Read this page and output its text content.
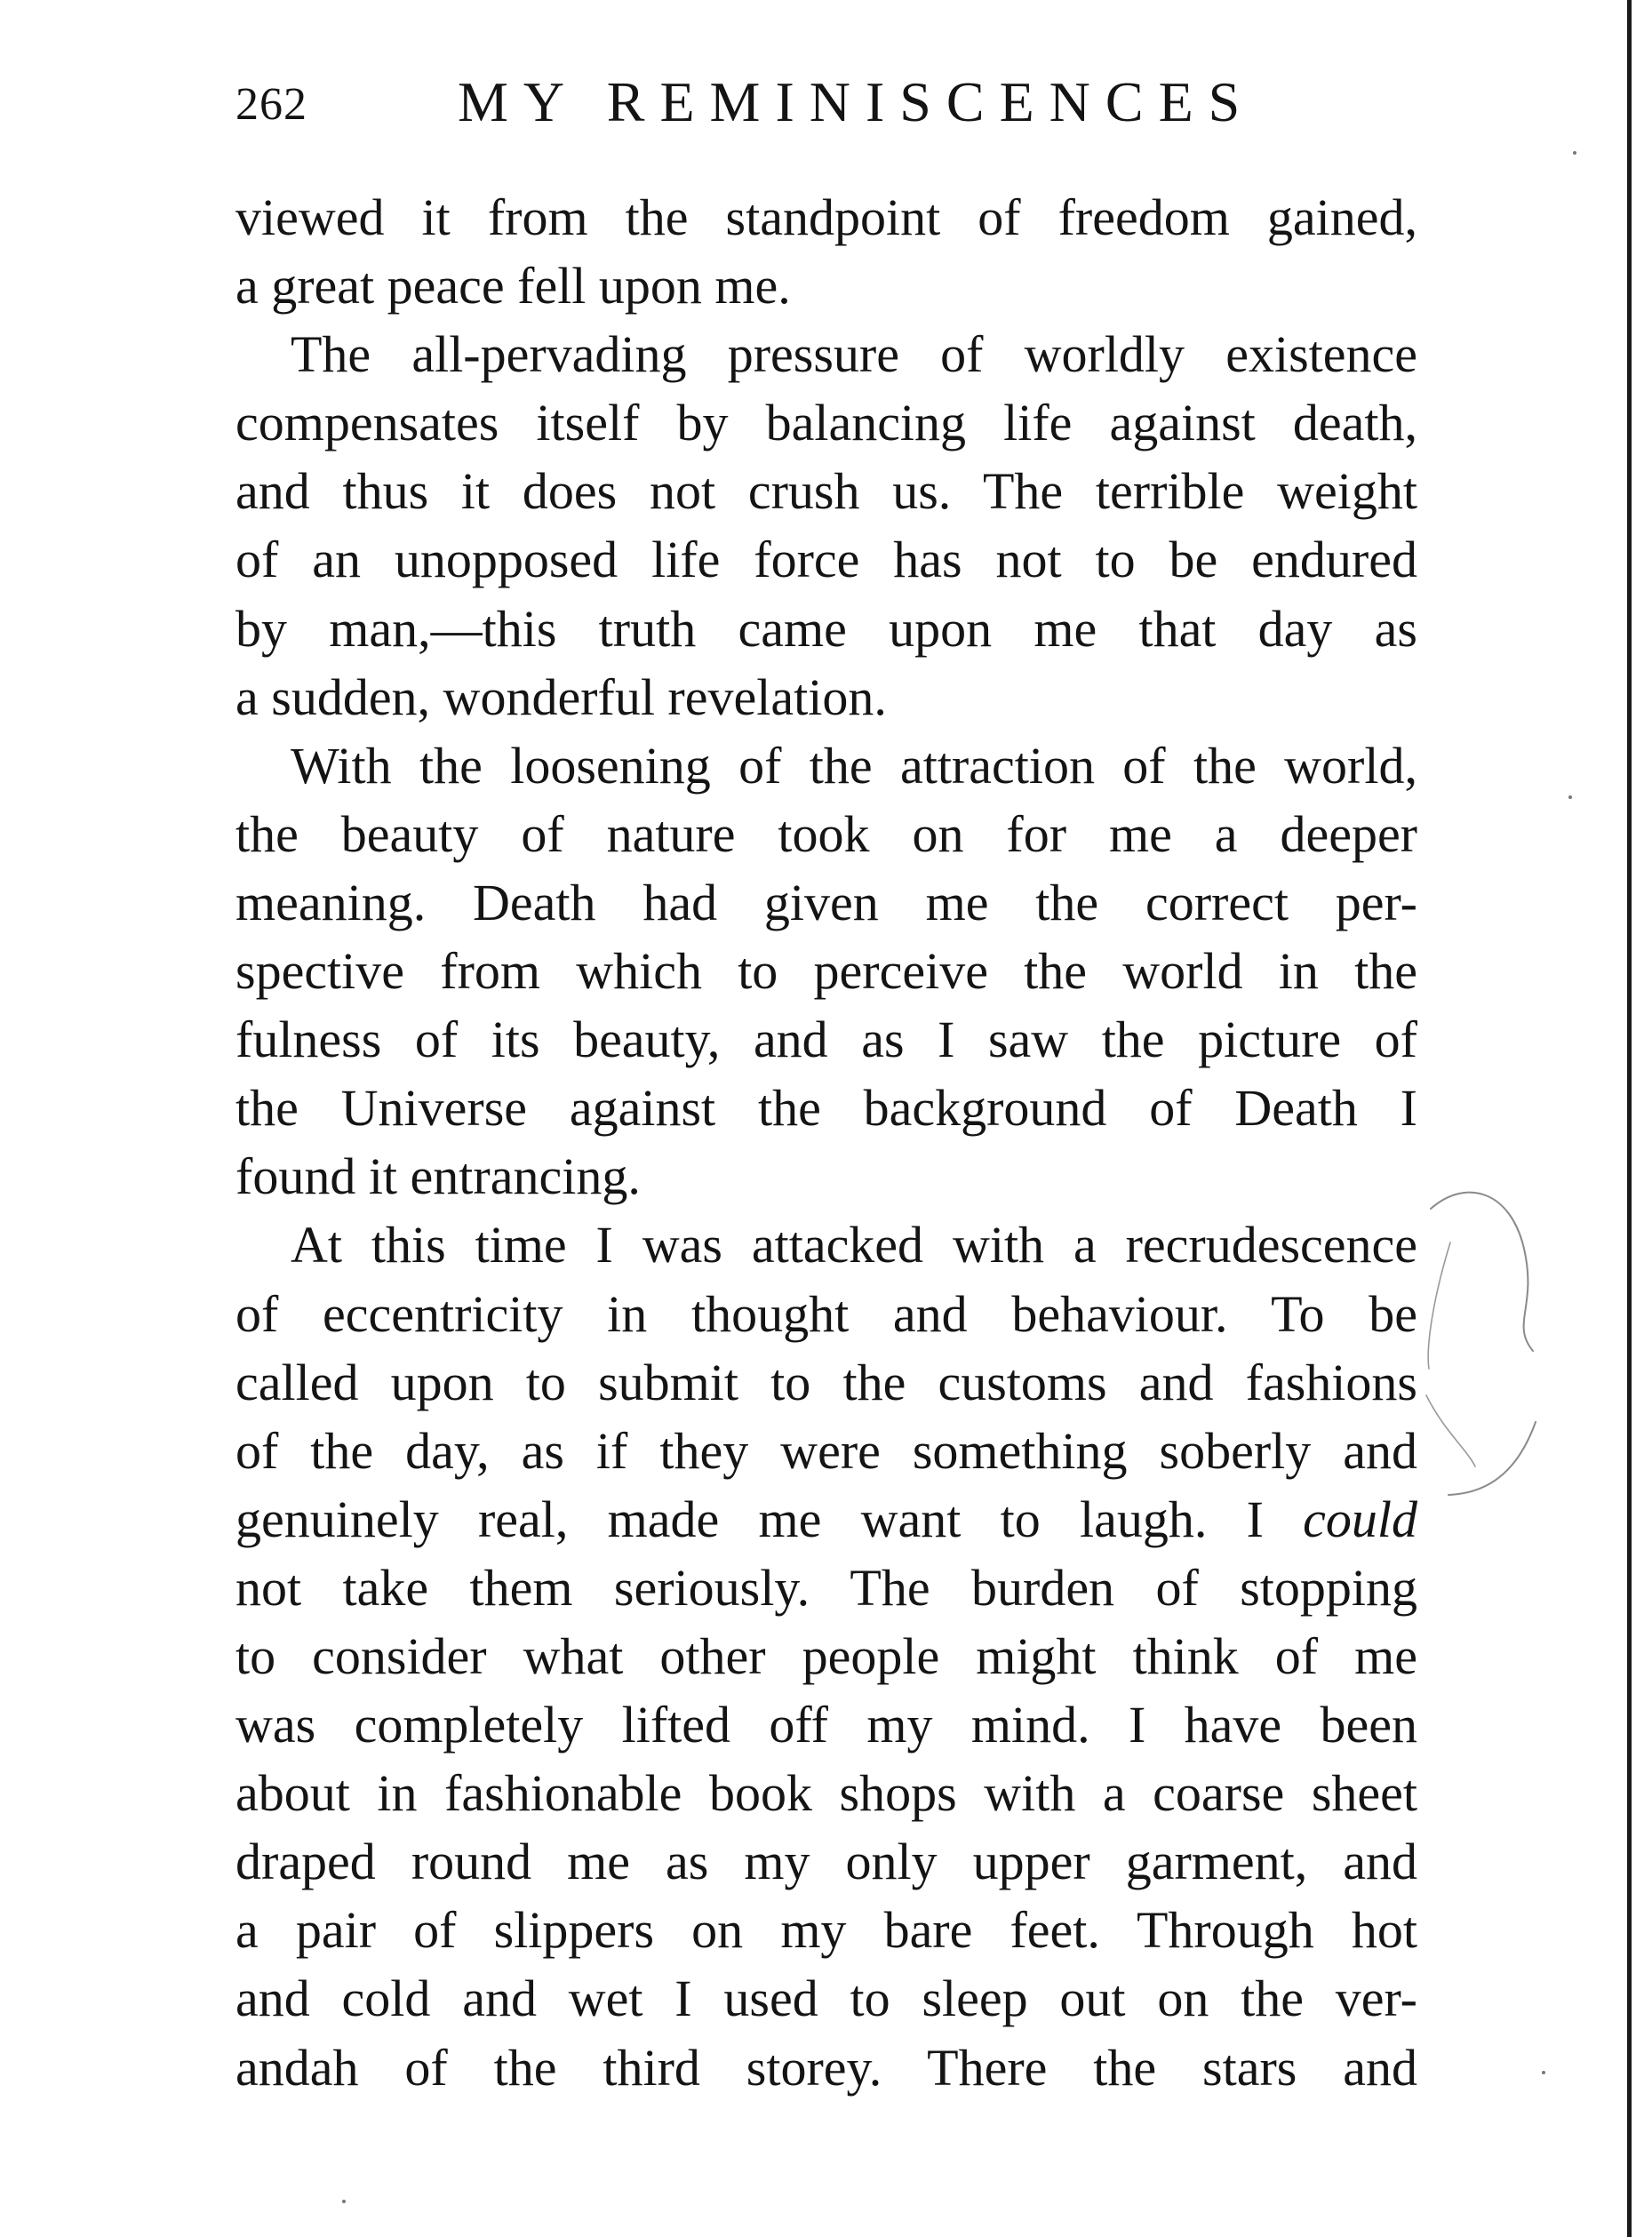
262	MY REMINISCENCES
viewed it from the standpoint of freedom gained,
a great peace fell upon me.
The all-pervading pressure of worldly existence
compensates itself by balancing life against death,
and thus it does not crush us. The terrible weight
of an unopposed life force has not to be endured
by man,—this truth came upon me that day as
a sudden, wonderful revelation.
With the loosening of the attraction of the world,
the beauty of nature took on for me a deeper
meaning. Death had given me the correct per-
spective from which to perceive the world in the
fulness of its beauty, and as I saw the picture of
the Universe against the background of Death I
found it entrancing.
At this time I was attacked with a recrudescence
of eccentricity in thought and behaviour. To be
called upon to submit to the customs and fashions
of the day, as if they were something soberly and
genuinely real, made me want to laugh. I could
not take them seriously. The burden of stopping
to consider what other people might think of me
was completely lifted off my mind. I have been
about in fashionable book shops with a coarse sheet
draped round me as my only upper garment, and
a pair of slippers on my bare feet. Through hot
and cold and wet I used to sleep out on the ver-
andah of the third storey. There the stars and
